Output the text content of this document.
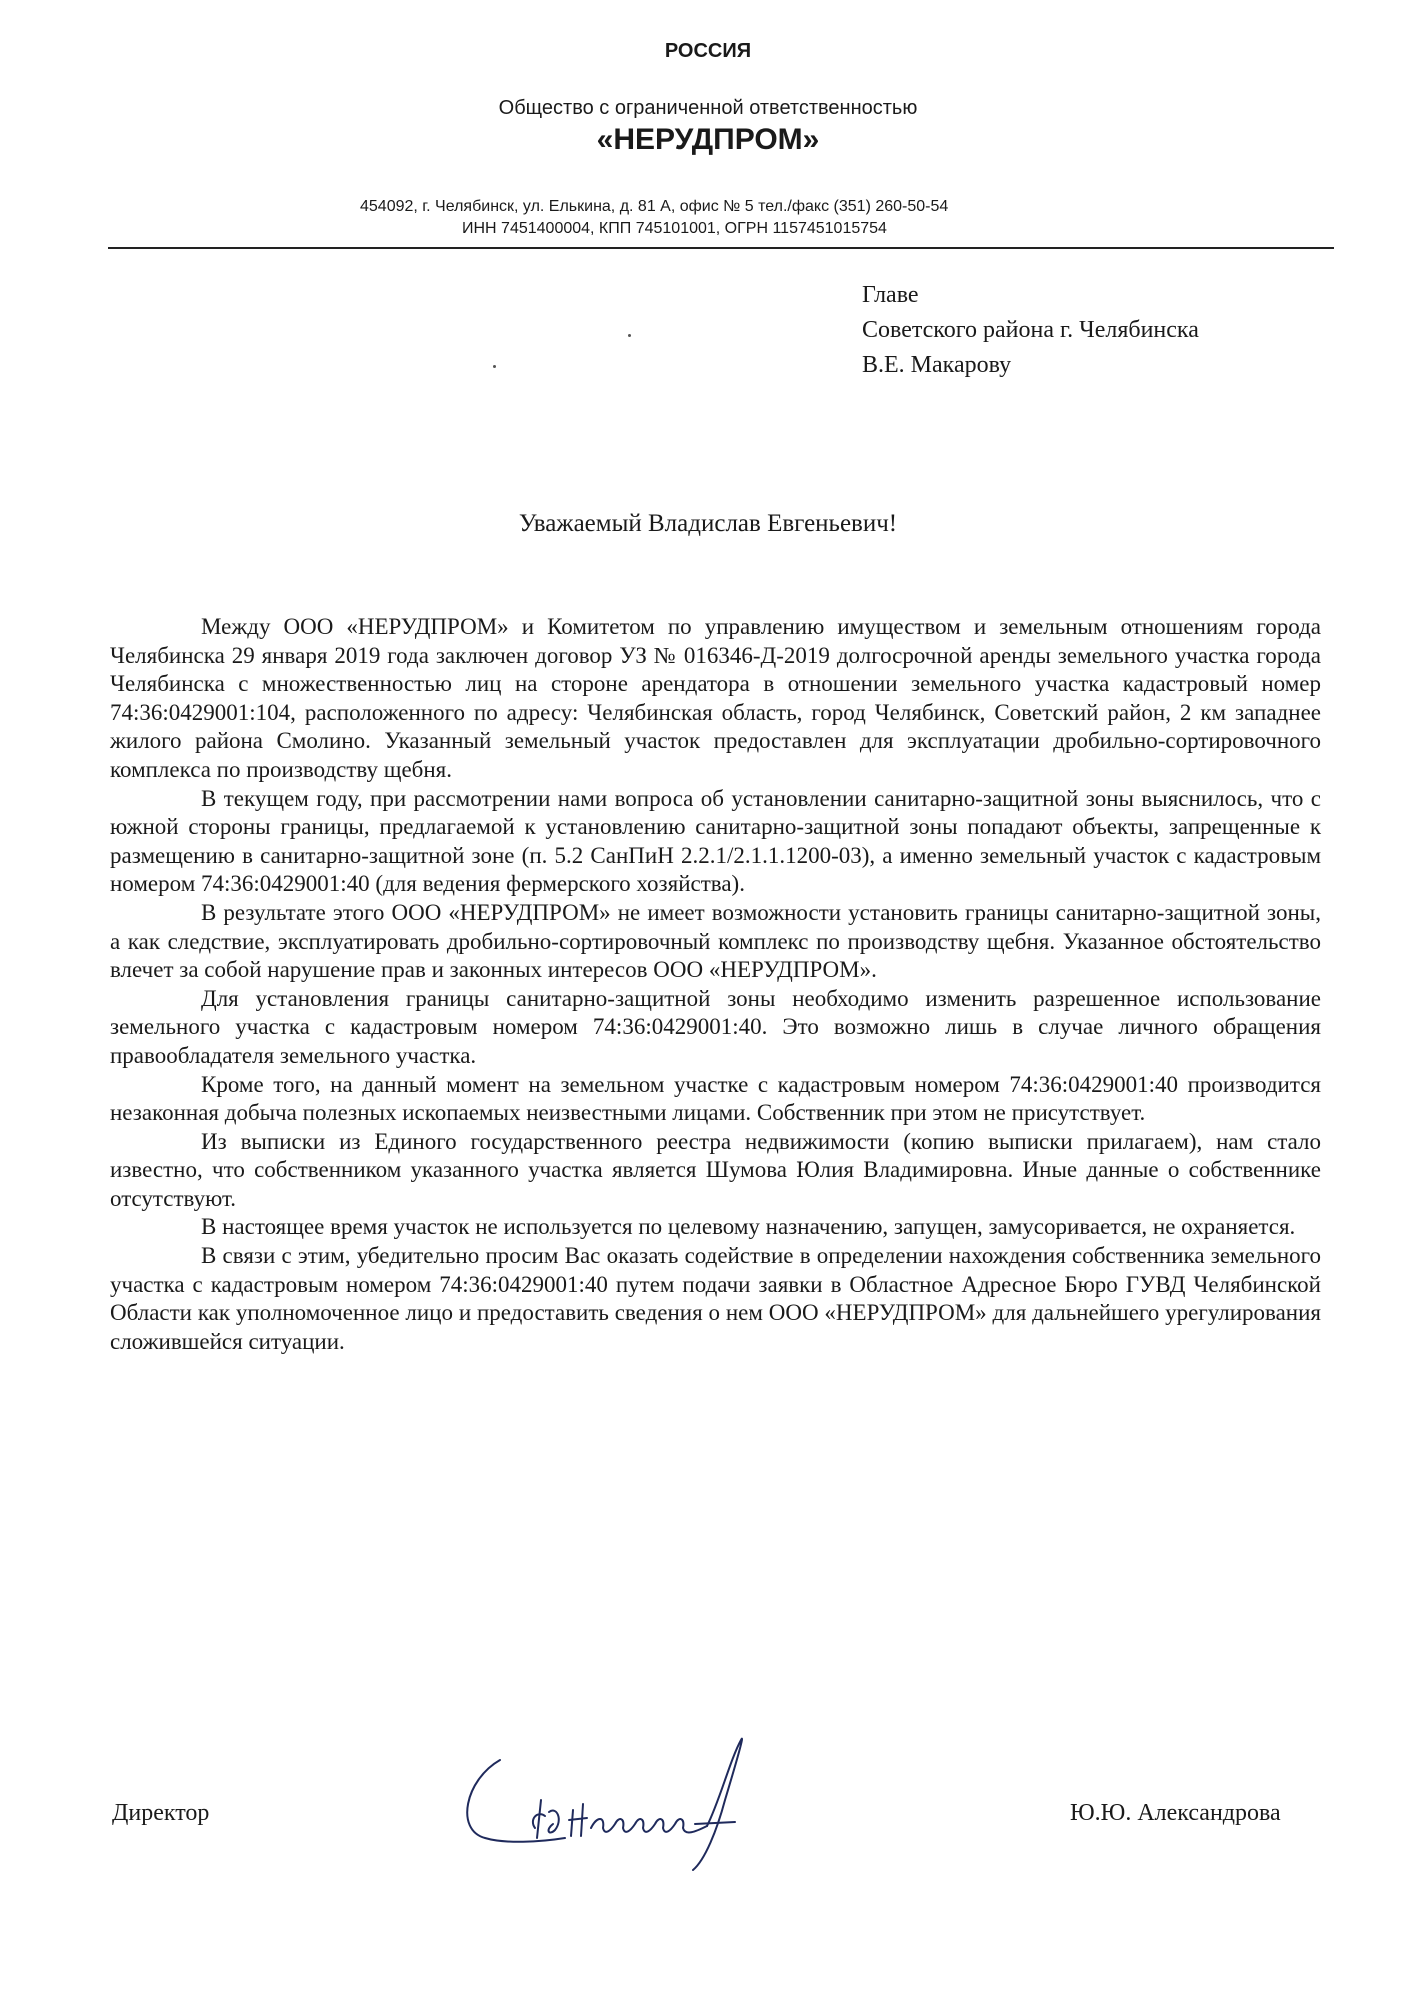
РОССИЯ
Общество с ограниченной ответственностью
«НЕРУДПРОМ»
454092, г. Челябинск, ул. Елькина, д. 81 А, офис № 5 тел./факс (351) 260-50-54
ИНН 7451400004, КПП 745101001, ОГРН 1157451015754
Главе
Советского района г. Челябинска
В.Е. Макарову
Уважаемый Владислав Евгеньевич!

Между ООО «НЕРУДПРОМ» и Комитетом по управлению имуществом и земельным отношениям города Челябинска 29 января 2019 года заключен договор УЗ № 016346-Д-2019 долгосрочной аренды земельного участка города Челябинска с множественностью лиц на стороне арендатора в отношении земельного участка кадастровый номер 74:36:0429001:104, расположенного по адресу: Челябинская область, город Челябинск, Советский район, 2 км западнее жилого района Смолино. Указанный земельный участок предоставлен для эксплуатации дробильно-сортировочного комплекса по производству щебня.

В текущем году, при рассмотрении нами вопроса об установлении санитарно-защитной зоны выяснилось, что с южной стороны границы, предлагаемой к установлению санитарно-защитной зоны попадают объекты, запрещенные к размещению в санитарно-защитной зоне (п. 5.2 СанПиН 2.2.1/2.1.1.1200-03), а именно земельный участок с кадастровым номером 74:36:0429001:40 (для ведения фермерского хозяйства).

В результате этого ООО «НЕРУДПРОМ» не имеет возможности установить границы санитарно-защитной зоны, а как следствие, эксплуатировать дробильно-сортировочный комплекс по производству щебня. Указанное обстоятельство влечет за собой нарушение прав и законных интересов ООО «НЕРУДПРОМ».

Для установления границы санитарно-защитной зоны необходимо изменить разрешенное использование земельного участка с кадастровым номером 74:36:0429001:40. Это возможно лишь в случае личного обращения правообладателя земельного участка.

Кроме того, на данный момент на земельном участке с кадастровым номером 74:36:0429001:40 производится незаконная добыча полезных ископаемых неизвестными лицами. Собственник при этом не присутствует.

Из выписки из Единого государственного реестра недвижимости (копию выписки прилагаем), нам стало известно, что собственником указанного участка является Шумова Юлия Владимировна. Иные данные о собственнике отсутствуют.

В настоящее время участок не используется по целевому назначению, запущен, замусоривается, не охраняется.

В связи с этим, убедительно просим Вас оказать содействие в определении нахождения собственника земельного участка с кадастровым номером 74:36:0429001:40 путем подачи заявки в Областное Адресное Бюро ГУВД Челябинской Области как уполномоченное лицо и предоставить сведения о нем ООО «НЕРУДПРОМ» для дальнейшего урегулирования сложившейся ситуации.

Директор	Ю.Ю. Александрова
